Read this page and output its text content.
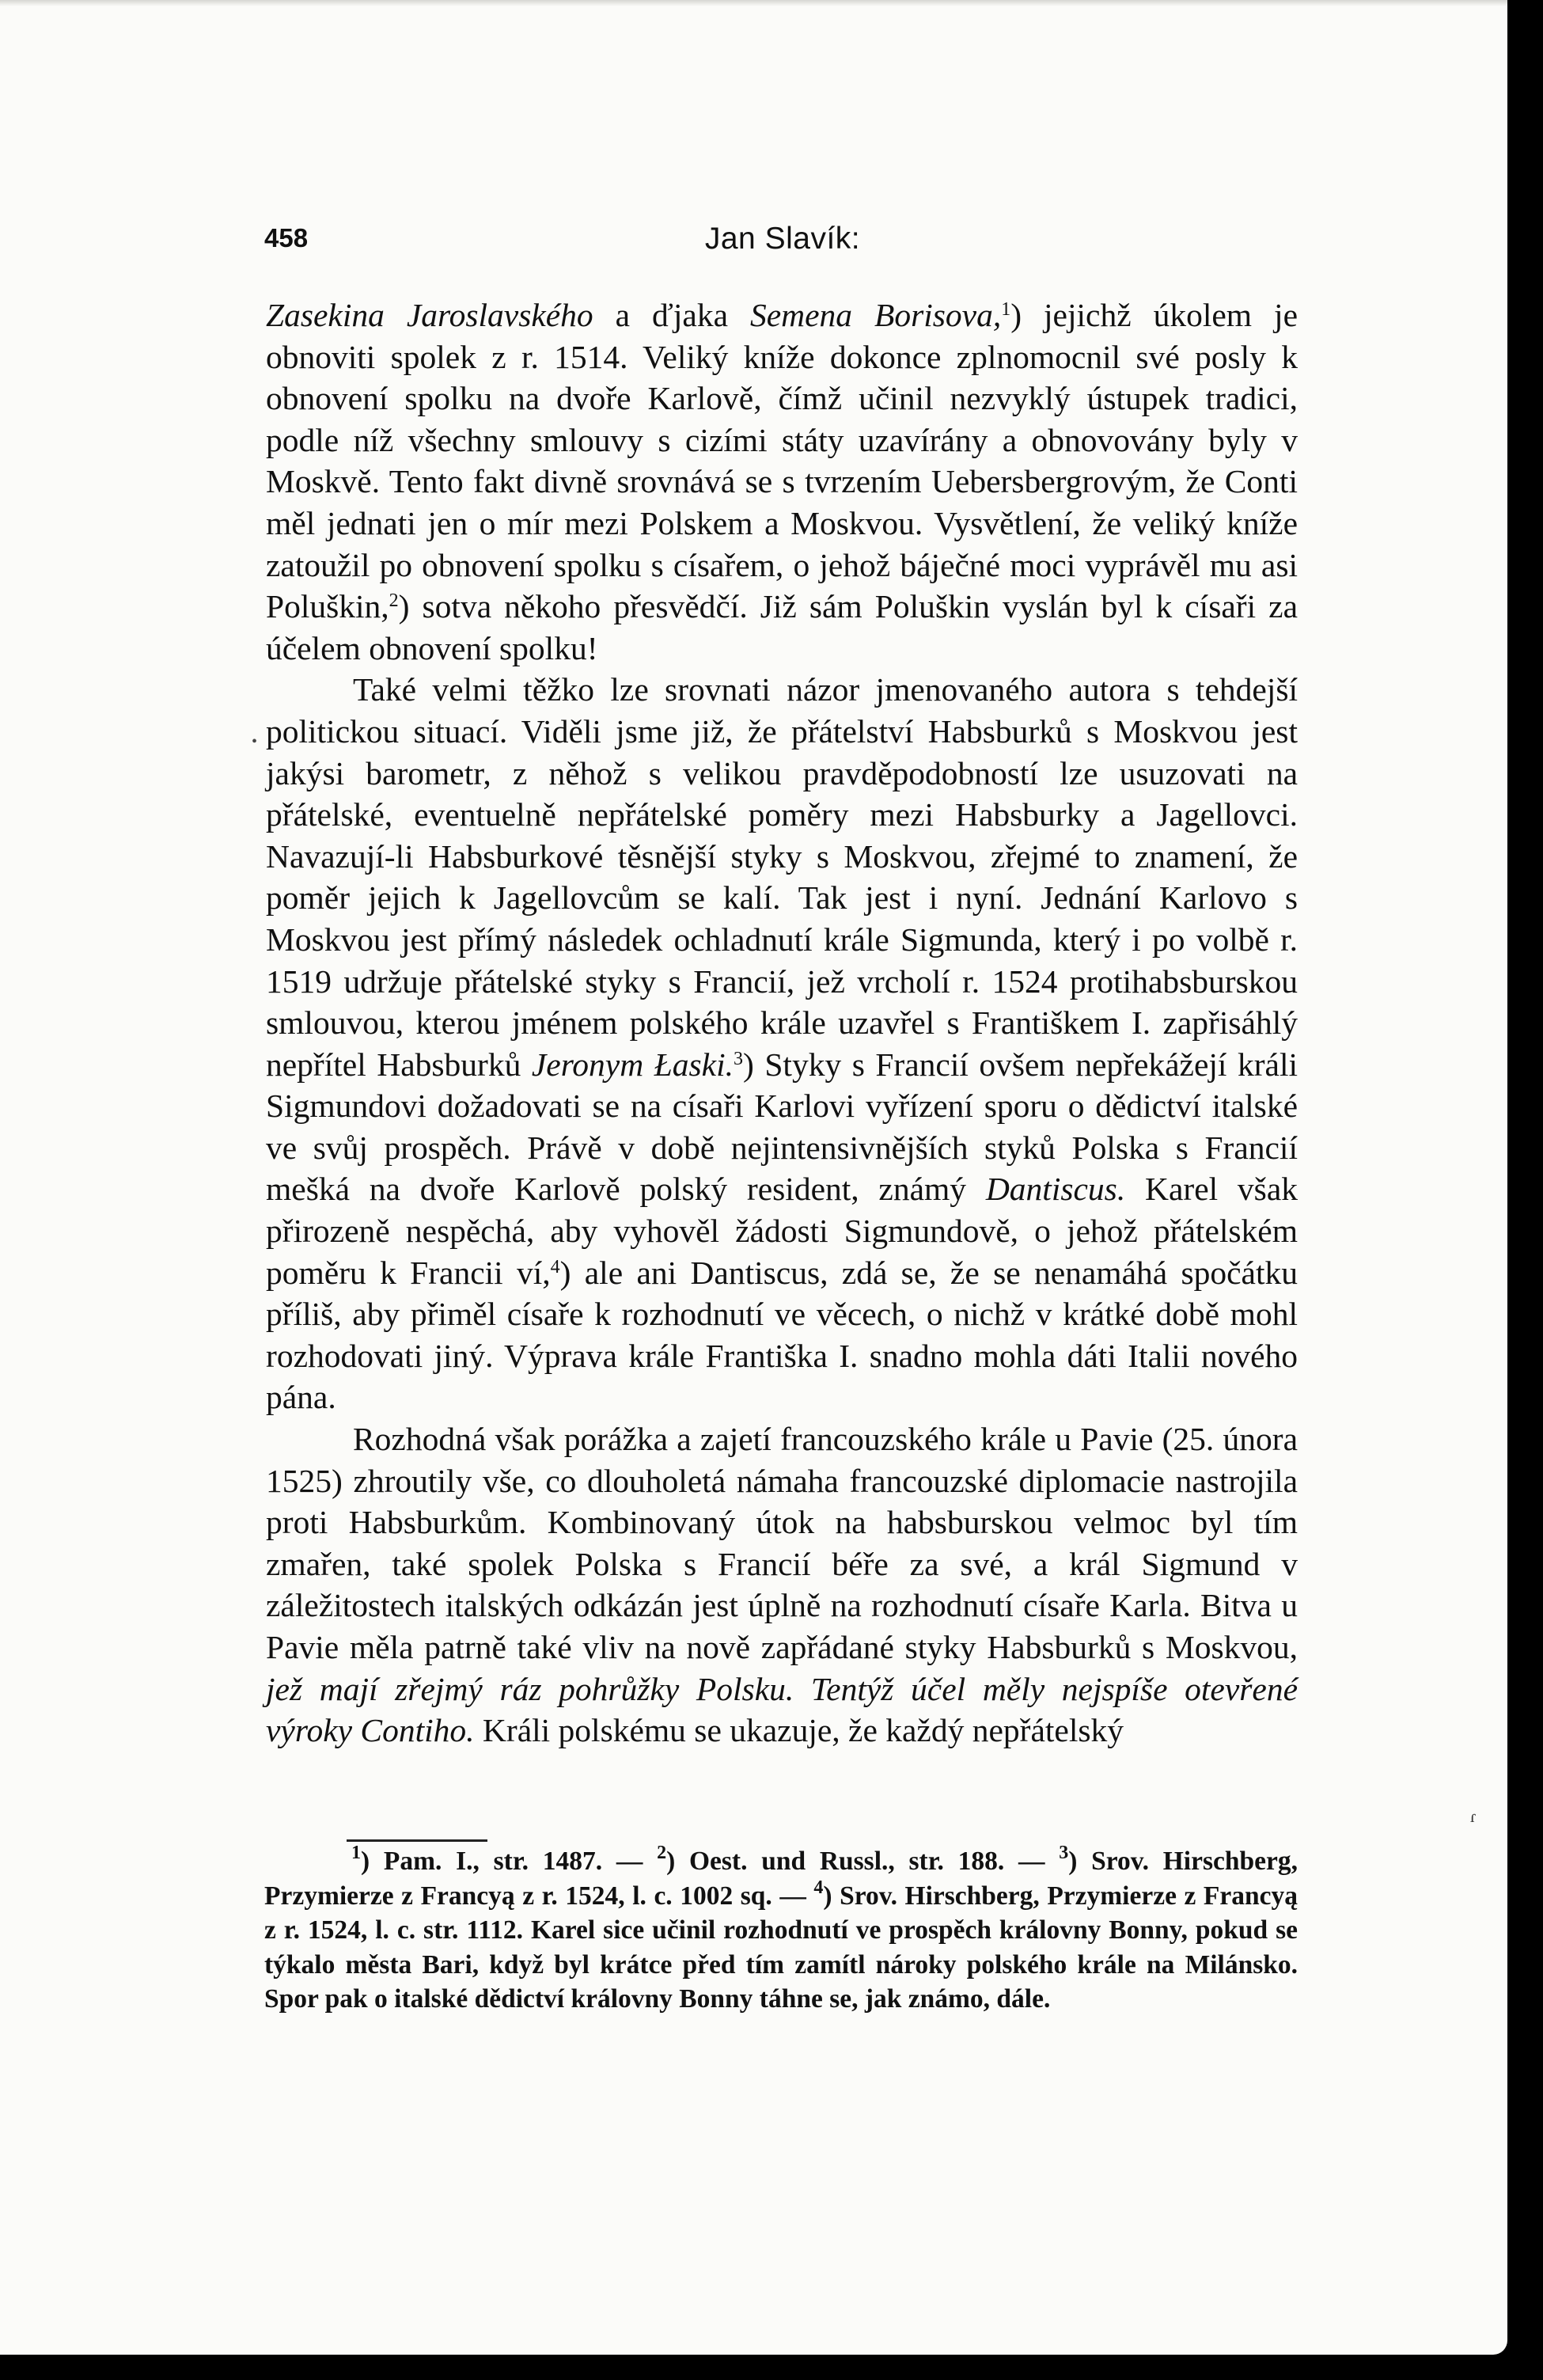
458	Jan Slavík:

Zasekina Jaroslavského a ďjaka Semena Borisova,$^1$) jejichž úkolem je obnoviti spolek z r. 1514. Veliký kníže dokonce zplnomocnil své posly k obnovení spolku na dvoře Karlově, čímž učinil nezvyklý ústupek tradici, podle níž všechny smlouvy s cizími státy uzavírány a obnovovány byly v Moskvě. Tento fakt divně srovnává se s tvrzením Uebersbergrovým, že Conti měl jednati jen o mír mezi Polskem a Moskvou. Vysvětlení, že veliký kníže zatoužil po obnovení spolku s císařem, o jehož báječné moci vyprávěl mu asi Poluškin,$^2$) sotva někoho přesvědčí. Již sám Poluškin vyslán byl k císaři za účelem obnovení spolku!

Také velmi těžko lze srovnati názor jmenovaného autora s tehdejší politickou situací. Viděli jsme již, že přátelství Habsburků s Moskvou jest jakýsi barometr, z něhož s velikou pravděpodobností lze usuzovati na přátelské, eventuelně nepřátelské poměry mezi Habsburky a Jagellovci. Navazují-li Habsburkové těsnější styky s Moskvou, zřejmé to znamení, že poměr jejich k Jagellovcům se kalí. Tak jest i nyní. Jednání Karlovo s Moskvou jest přímý následek ochladnutí krále Sigmunda, který i po volbě r. 1519 udržuje přátelské styky s Francií, jež vrcholí r. 1524 protihabsburskou smlouvou, kterou jménem polského krále uzavřel s Františkem I. zapřisáhlý nepřítel Habsburků Jeronym Łaski.$^3$) Styky s Francií ovšem nepřekážejí králi Sigmundovi dožadovati se na císaři Karlovi vyřízení sporu o dědictví italské ve svůj prospěch. Právě v době nejintensivnějších styků Polska s Francií mešká na dvoře Karlově polský resident, známý Dantiscus. Karel však přirozeně nespěchá, aby vyhověl žádosti Sigmundově, o jehož přátelském poměru k Francii ví,$^4$) ale ani Dantiscus, zdá se, že se nenamáhá spočátku příliš, aby přiměl císaře k rozhodnutí ve věcech, o nichž v krátké době mohl rozhodovati jiný. Výprava krále Františka I. snadno mohla dáti Italii nového pána.

Rozhodná však porážka a zajetí francouzského krále u Pavie (25. února 1525) zhroutily vše, co dlouholetá námaha francouzské diplomacie nastrojila proti Habsburkům. Kombinovaný útok na habsburskou velmoc byl tím zmařen, také spolek Polska s Francií béře za své, a král Sigmund v záležitostech italských odkázán jest úplně na rozhodnutí císaře Karla. Bitva u Pavie měla patrně také vliv na nově zapřádané styky Habsburků s Moskvou, jež mají zřejmý ráz pohrůžky Polsku. Tentýž účel měly nejspíše otevřené výroky Contiho. Králi polskému se ukazuje, že každý nepřátelský

•
ɾ

$^1$) Pam. I., str. 1487. — $^2$) Oest. und Russl., str. 188. — $^3$) Srov. Hirschberg, Przymierze z Francyą z r. 1524, l. c. 1002 sq. — $^4$) Srov. Hirschberg, Przymierze z Francyą z r. 1524, l. c. str. 1112. Karel sice učinil rozhodnutí ve prospěch královny Bonny, pokud se týkalo města Bari, když byl krátce před tím zamítl nároky polského krále na Milánsko. Spor pak o italské dědictví královny Bonny táhne se, jak známo, dále.
